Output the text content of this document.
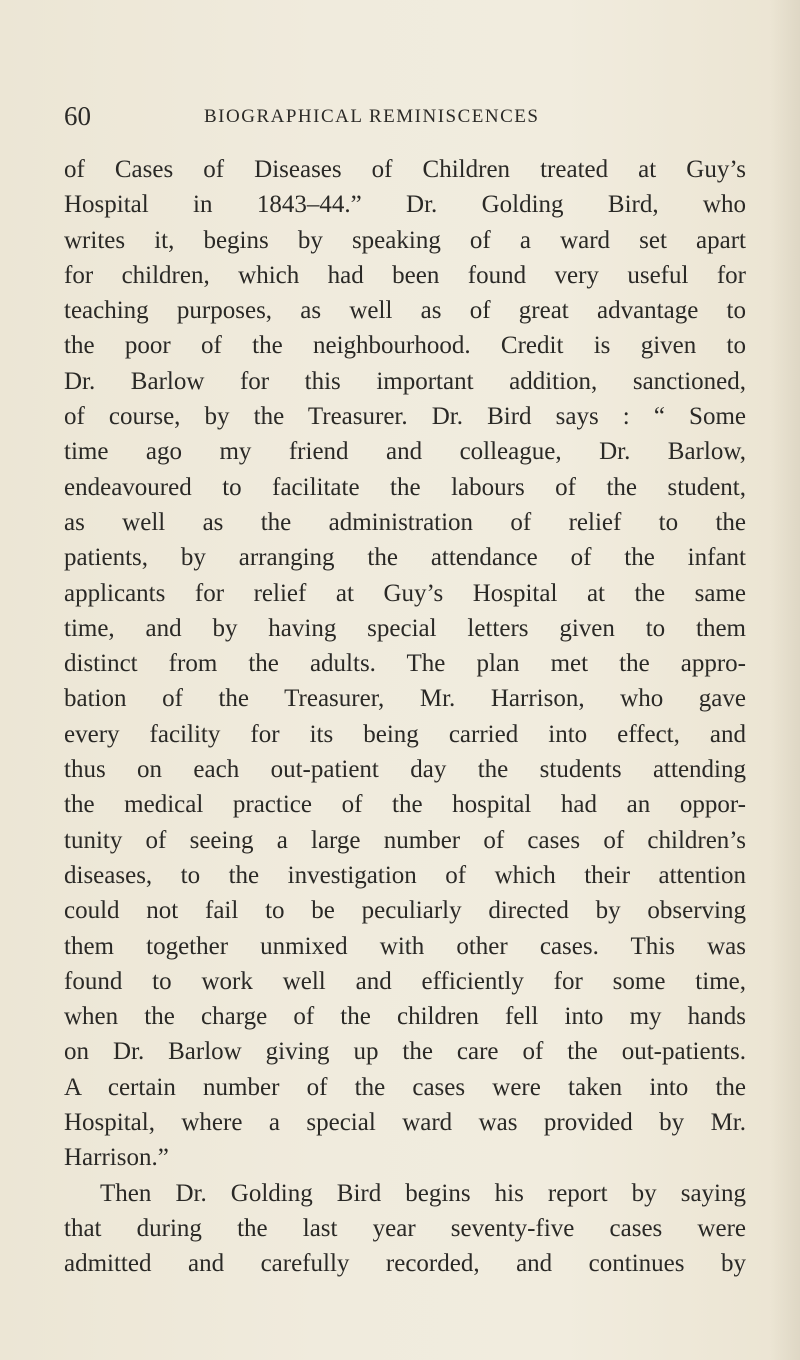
60	BIOGRAPHICAL REMINISCENCES
of Cases of Diseases of Children treated at Guy’s
Hospital in 1843–44.” Dr. Golding Bird, who
writes it, begins by speaking of a ward set apart
for children, which had been found very useful for
teaching purposes, as well as of great advantage to
the poor of the neighbourhood. Credit is given to
Dr. Barlow for this important addition, sanctioned,
of course, by the Treasurer. Dr. Bird says : “ Some
time ago my friend and colleague, Dr. Barlow,
endeavoured to facilitate the labours of the student,
as well as the administration of relief to the
patients, by arranging the attendance of the infant
applicants for relief at Guy’s Hospital at the same
time, and by having special letters given to them
distinct from the adults. The plan met the appro-
bation of the Treasurer, Mr. Harrison, who gave
every facility for its being carried into effect, and
thus on each out-patient day the students attending
the medical practice of the hospital had an oppor-
tunity of seeing a large number of cases of children’s
diseases, to the investigation of which their attention
could not fail to be peculiarly directed by observing
them together unmixed with other cases. This was
found to work well and efficiently for some time,
when the charge of the children fell into my hands
on Dr. Barlow giving up the care of the out-patients.
A certain number of the cases were taken into the
Hospital, where a special ward was provided by Mr.
Harrison.”
Then Dr. Golding Bird begins his report by saying
that during the last year seventy-five cases were
admitted and carefully recorded, and continues by
